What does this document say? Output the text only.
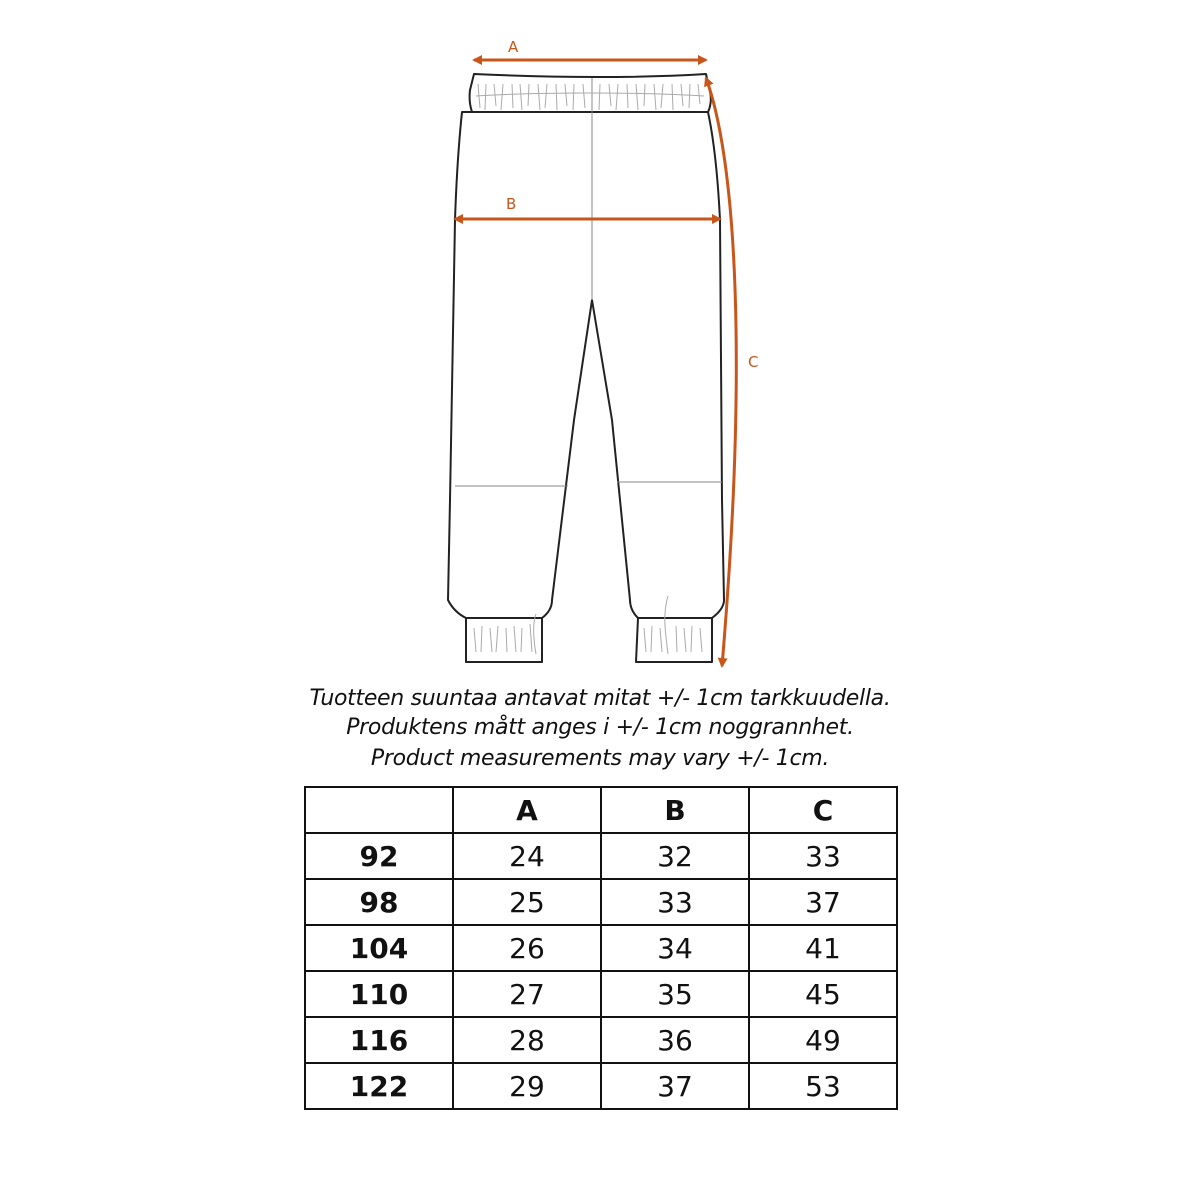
A
B
C
Tuotteen suuntaa antavat mitat +/- 1cm tarkkuudella.
Produktens mått anges i +/- 1cm noggrannhet.
Product measurements may vary +/- 1cm.
	A	B	C
92	24	32	33
98	25	33	37
104	26	34	41
110	27	35	45
116	28	36	49
122	29	37	53
